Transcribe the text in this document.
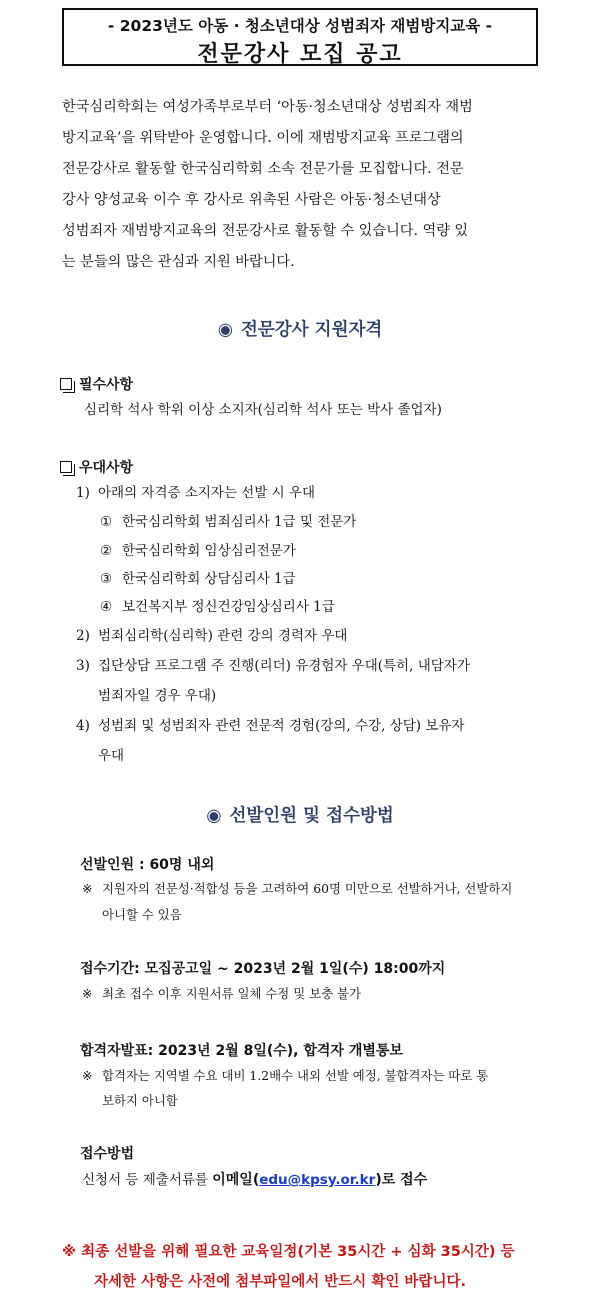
- 2023년도 아동 · 청소년대상 성범죄자 재범방지교육 -
전문강사 모집 공고
한국심리학회는 여성가족부로부터 ‘아동·청소년대상 성범죄자 재범
방지교육’을 위탁받아 운영합니다. 이에 재범방지교육 프로그램의
전문강사로 활동할 한국심리학회 소속 전문가를 모집합니다. 전문
강사 양성교육 이수 후 강사로 위촉된 사람은 아동·청소년대상
성범죄자 재범방지교육의 전문강사로 활동할 수 있습니다. 역량 있
는 분들의 많은 관심과 지원 바랍니다.
◉ 전문강사 지원자격
필수사항
심리학 석사 학위 이상 소지자(심리학 석사 또는 박사 졸업자)
우대사항
1) 아래의 자격증 소지자는 선발 시 우대
① 한국심리학회 범죄심리사 1급 및 전문가
② 한국심리학회 임상심리전문가
③ 한국심리학회 상담심리사 1급
④ 보건복지부 정신건강임상심리사 1급
2) 범죄심리학(심리학) 관련 강의 경력자 우대
3) 집단상담 프로그램 주 진행(리더) 유경험자 우대(특히, 내담자가
범죄자일 경우 우대)
4) 성범죄 및 성범죄자 관련 전문적 경험(강의, 수강, 상담) 보유자
우대
◉ 선발인원 및 접수방법
선발인원 : 60명 내외
※ 지원자의 전문성·적합성 등을 고려하여 60명 미만으로 선발하거나, 선발하지
아니할 수 있음
접수기간: 모집공고일 ~ 2023년 2월 1일(수) 18:00까지
※ 최초 접수 이후 지원서류 일체 수정 및 보충 불가
합격자발표: 2023년 2월 8일(수), 합격자 개별통보
※ 합격자는 지역별 수요 대비 1.2배수 내외 선발 예정, 불합격자는 따로 통
보하지 아니함
접수방법
신청서 등 제출서류를 이메일(edu@kpsy.or.kr)로 접수
※ 최종 선발을 위해 필요한 교육일정(기본 35시간 + 심화 35시간) 등
자세한 사항은 사전에 첨부파일에서 반드시 확인 바랍니다.
